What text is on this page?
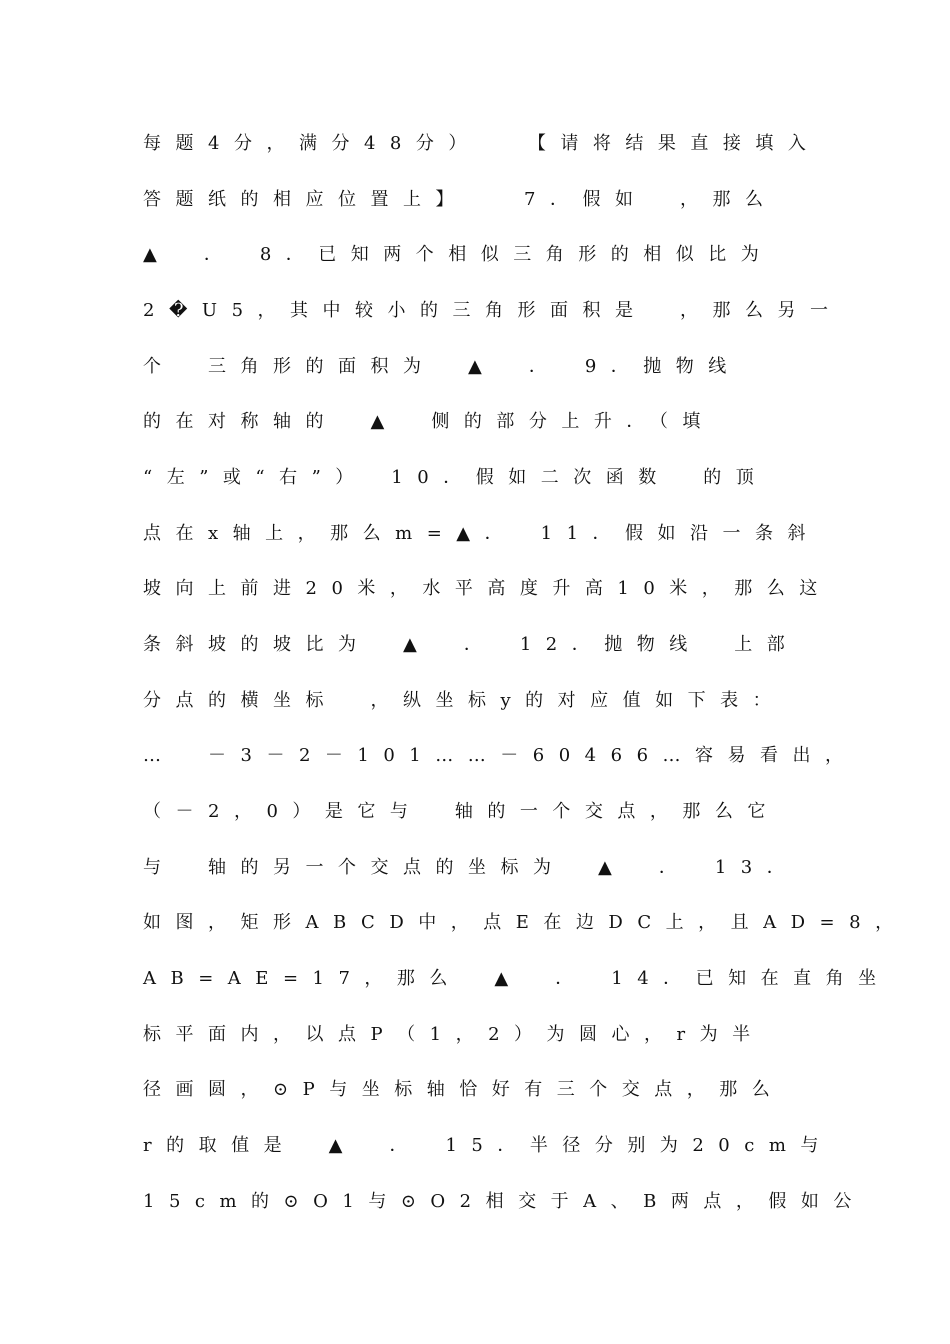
每题4分，满分48分）　　【请将结果直接填入
答题纸的相应位置上】　　7．假如　，那么
▲　．　8．已知两个相似三角形的相似比为
2�U5，其中较小的三角形面积是　，那么另一
个　三角形的面积为　▲　．　9．抛物线
的在对称轴的　▲　侧的部分上升．（填
“左”或“右”）　10．假如二次函数　的顶
点在x轴上，那么m=▲．　11．假如沿一条斜
坡向上前进20米，水平高度升高10米，那么这
条斜坡的坡比为　▲　．　12．抛物线　上部
分点的横坐标　，纵坐标y的对应值如下表：
…　－3－2－101……－60466…容易看出，
（－2，0）是它与　轴的一个交点，那么它
与　轴的另一个交点的坐标为　▲　．　13．
如图，矩形ABCD中，点E在边DC上，且AD=8，
AB=AE=17，那么　▲　．　14．已知在直角坐
标平面内，以点P（1，2）为圆心，r为半
径画圆，⊙P与坐标轴恰好有三个交点，那么
r的取值是　▲　．　15．半径分别为20cm与
15cm的⊙O1与⊙O2相交于A、B两点，假如公
